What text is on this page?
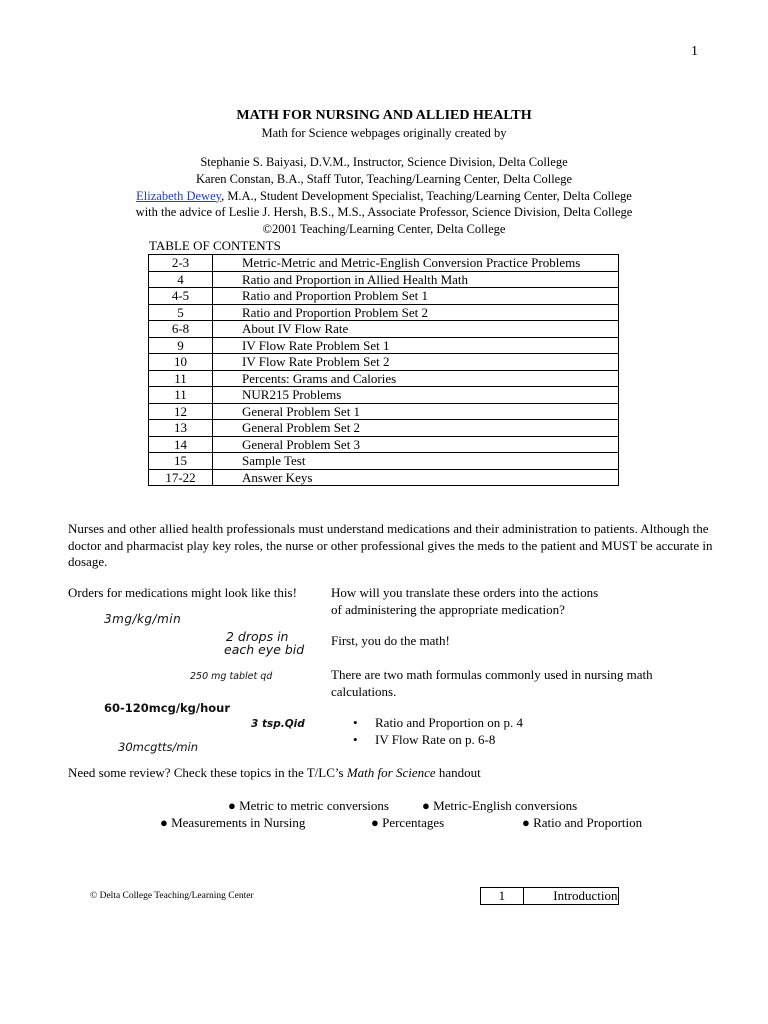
1
MATH FOR NURSING AND ALLIED HEALTH
Math for Science webpages originally created by
Stephanie S. Baiyasi, D.V.M., Instructor, Science Division, Delta College
Karen Constan, B.A., Staff Tutor, Teaching/Learning Center, Delta College
Elizabeth Dewey, M.A., Student Development Specialist, Teaching/Learning Center, Delta College
with the advice of Leslie J. Hersh, B.S., M.S., Associate Professor, Science Division, Delta College
©2001 Teaching/Learning Center, Delta College
TABLE OF CONTENTS
1	Introduction
2-3	Metric-Metric and Metric-English Conversion Practice Problems
4	Ratio and Proportion in Allied Health Math
4-5	Ratio and Proportion Problem Set 1
5	Ratio and Proportion Problem Set 2
6-8	About IV Flow Rate
9	IV Flow Rate Problem Set 1
10	IV Flow Rate Problem Set 2
11	Percents: Grams and Calories
11	NUR215 Problems
12	General Problem Set 1
13	General Problem Set 2
14	General Problem Set 3
15	Sample Test
17-22	Answer Keys
Nurses and other allied health professionals must understand medications and their administration to patients. Although the doctor and pharmacist play key roles, the nurse or other professional gives the meds to the patient and MUST be accurate in dosage.
Orders for medications might look like this!
3mg/kg/min
2 drops in
each eye bid
250 mg tablet qd
60-120mcg/kg/hour
3 tsp.Qid
30mcgtts/min
How will you translate these orders into the actions
of administering the appropriate medication?
First, you do the math!
There are two math formulas commonly used in nursing math
calculations.
• Ratio and Proportion on p. 4
• IV Flow Rate on p. 6-8
Need some review? Check these topics in the T/LC’s Math for Science handout
● Metric to metric conversions	● Metric-English conversions
● Measurements in Nursing	● Percentages	● Ratio and Proportion
© Delta College Teaching/Learning Center
